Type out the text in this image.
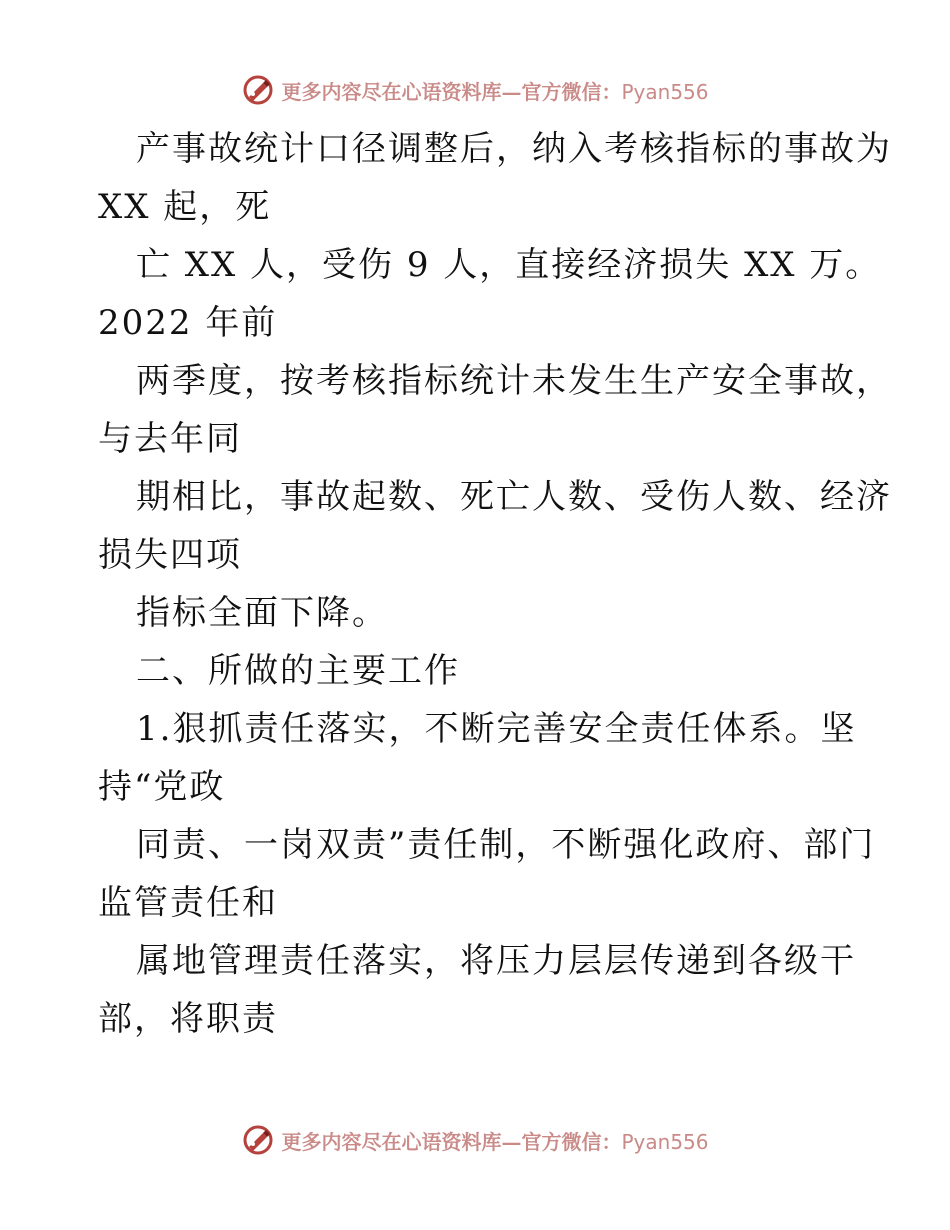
更多内容尽在心语资料库—官方微信：Pyan556
产事故统计口径调整后，纳入考核指标的事故为
XX 起，死
亡 XX 人，受伤 9 人，直接经济损失 XX 万。
2022 年前
两季度，按考核指标统计未发生生产安全事故，
与去年同
期相比，事故起数、死亡人数、受伤人数、经济
损失四项
指标全面下降。
二、所做的主要工作
1.狠抓责任落实，不断完善安全责任体系。坚
持“党政
同责、一岗双责”责任制，不断强化政府、部门
监管责任和
属地管理责任落实，将压力层层传递到各级干
部，将职责
更多内容尽在心语资料库—官方微信：Pyan556
